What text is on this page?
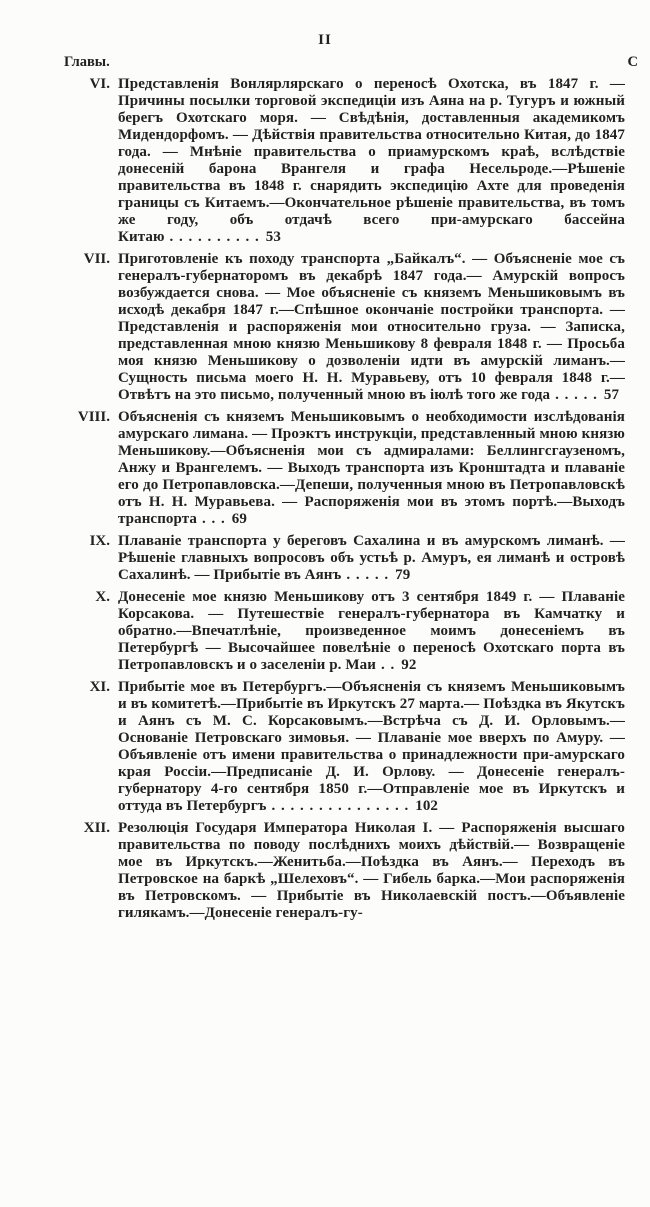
II
Главы.	С
VI. Представленія Вонлярлярскаго о переносѣ Охотска, въ 1847 г. — Причины посылки торговой экспедиціи изъ Аяна на р. Тугуръ и южный берегъ Охотскаго моря. — Свѣдѣнія, доставленныя академикомъ Мидендорфомъ. — Дѣйствія правительства относительно Китая, до 1847 года. — Мнѣніе правительства о приамурскомъ краѣ, вслѣдствіе донесеній барона Врангеля и графа Несельроде.—Рѣшеніе правительства въ 1848 г. снарядить экспедицію Ахте для проведенія границы съ Китаемъ.—Окончательное рѣшеніе правительства, въ томъ же году, объ отдачѣ всего при-амурскаго бассейна Китаю . . . . . . . . . . 53
VII. Приготовленіе къ походу транспорта „Байкалъ“. — Объясненіе мое съ генералъ-губернаторомъ въ декабрѣ 1847 года.— Амурскій вопросъ возбуждается снова. — Мое объясненіе съ княземъ Меньшиковымъ въ исходѣ декабря 1847 г.—Спѣшное окончаніе постройки транспорта. — Представленія и распоряженія мои относительно груза. — Записка, представленная мною князю Меньшикову 8 февраля 1848 г. — Просьба моя князю Меньшикову о дозволеніи идти въ амурскій лиманъ.—Сущность письма моего Н. Н. Муравьеву, отъ 10 февраля 1848 г.—Отвѣтъ на это письмо, полученный мною въ іюлѣ того же года . . . . . 57
VIII. Объясненія съ княземъ Меньшиковымъ о необходимости изслѣдованія амурскаго лимана. — Проэктъ инструкціи, представленный мною князю Меньшикову.—Объясненія мои съ адмиралами: Беллингсгаузеномъ, Анжу и Врангелемъ. — Выходъ транспорта изъ Кронштадта и плаваніе его до Петропавловска.—Депеши, полученныя мною въ Петропавловскѣ отъ Н. Н. Муравьева. — Распоряженія мои въ этомъ портѣ.—Выходъ транспорта . . . 69
IX. Плаваніе транспорта у береговъ Сахалина и въ амурскомъ лиманѣ. — Рѣшеніе главныхъ вопросовъ объ устьѣ р. Амуръ, ея лиманѣ и островѣ Сахалинѣ. — Прибытіе въ Аянъ . . . . . 79
X. Донесеніе мое князю Меньшикову отъ 3 сентября 1849 г. — Плаваніе Корсакова. — Путешествіе генералъ-губернатора въ Камчатку и обратно.—Впечатлѣніе, произведенное моимъ донесеніемъ въ Петербургѣ — Высочайшее повелѣніе о переносѣ Охотскаго порта въ Петропавловскъ и о заселеніи р. Маи . . 92
XI. Прибытіе мое въ Петербургъ.—Объясненія съ княземъ Меньшиковымъ и въ комитетѣ.—Прибытіе въ Иркутскъ 27 марта.— Поѣздка въ Якутскъ и Аянъ съ М. С. Корсаковымъ.—Встрѣча съ Д. И. Орловымъ.—Основаніе Петровскаго зимовья. — Плаваніе мое вверхъ по Амуру. — Объявленіе отъ имени правительства о принадлежности при-амурскаго края Россіи.—Предписаніе Д. И. Орлову. — Донесеніе генералъ-губернатору 4-го сентября 1850 г.—Отправленіе мое въ Иркутскъ и оттуда въ Петербургъ . . . . . . . . . . . . . . . 102
XII. Резолюція Государя Императора Николая I. — Распоряженія высшаго правительства по поводу послѣднихъ моихъ дѣйствій.— Возвращеніе мое въ Иркутскъ.—Женитьба.—Поѣздка въ Аянъ.— Переходъ въ Петровское на баркѣ „Шелеховъ“. — Гибель барка.—Мои распоряженія въ Петровскомъ. — Прибытіе въ Николаевскій постъ.—Объявленіе гилякамъ.—Донесеніе генералъ-гу-
